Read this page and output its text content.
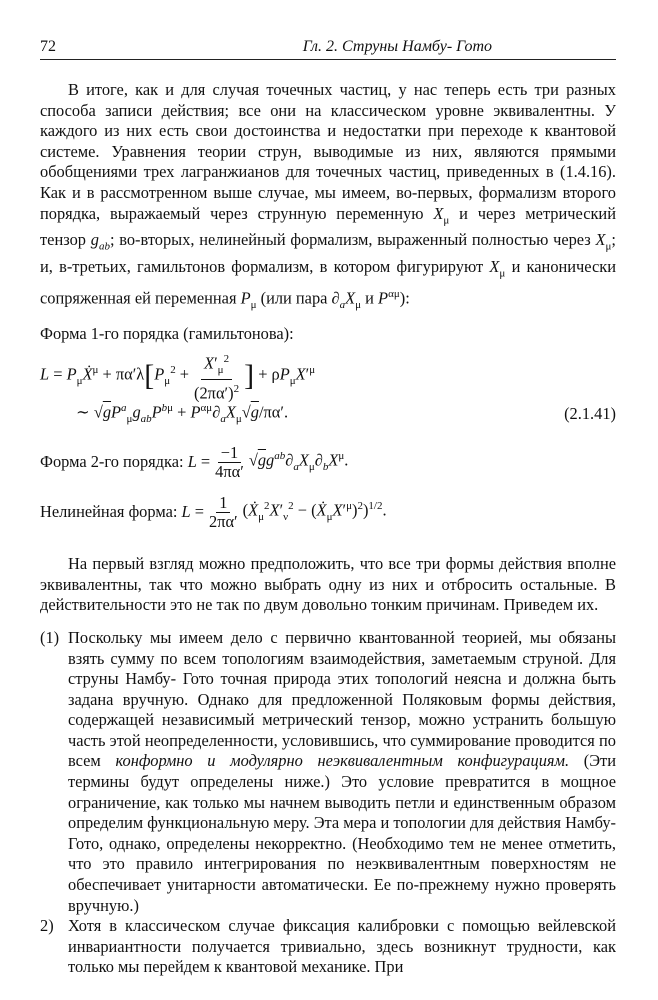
72	Гл. 2. Струны Намбу- Гото

В итоге, как и для случая точечных частиц, у нас теперь есть три разных способа записи действия; все они на классическом уровне эквивалентны. У каждого из них есть свои достоинства и недостатки при переходе к квантовой системе. Уравнения теории струн, выводимые из них, являются прямыми обобщениями трех лагранжианов для точечных частиц, приведенных в (1.4.16). Как и в рассмотренном выше случае, мы имеем, во-первых, формализм второго порядка, выражаемый через струнную переменную $X_\mu$ и через метрический тензор $g_{ab}$; во-вторых, нелинейный формализм, выраженный полностью через $X_\mu$; и, в-третьих, гамильтонов формализм, в котором фигурируют $X_\mu$ и канонически сопряженная ей переменная $P_\mu$ (или пара $\partial_aX_\mu$ и $P^{\alpha\mu}$):

Форма 1-го порядка (гамильтонова):

$L = P_\mu Ẋ^\mu + \pi\alpha'\lambda$ [ $P_\mu^2 + \frac{X'_\mu^2}{(2\pi\alpha')^2}$ ] + $\rho P_\mu X'^\mu$
∼ $√gP^a_\mu g_{ab}P^{b\mu} + P^{\alpha\mu}\partial_aX_\mu√g/\pi\alpha'$.	(2.1.41)
Форма 2-го порядка: $L = \frac{-1}{4\pi\alpha'} √gg^{ab}\partial_aX_\mu\partial_bX^\mu$.
Нелинейная форма: $L = \frac{1}{2\pi\alpha'}$ ($Ẋ_\mu^2X'_\nu^2$ − $(Ẋ_\mu X'^\mu)^2)^{1/2}$.

На первый взгляд можно предположить, что все три формы действия вполне эквивалентны, так что можно выбрать одну из них и отбросить остальные. В действительности это не так по двум довольно тонким причинам. Приведем их.

(1) Поскольку мы имеем дело с первично квантованной теорией, мы обязаны взять сумму по всем топологиям взаимодействия, заметаемым струной. Для струны Намбу- Гото точная природа этих топологий неясна и должна быть задана вручную. Однако для предложенной Поляковым формы действия, содержащей независимый метрический тензор, можно устранить большую часть этой неопределенности, условившись, что суммирование проводится по всем конформно и модулярно неэквивалентным конфигурациям. (Эти термины будут определены ниже.) Это условие превратится в мощное ограничение, как только мы начнем выводить петли и единственным образом определим функциональную меру. Эта мера и топологии для действия Намбу- Гото, однако, определены некорректно. (Необходимо тем не менее отметить, что это правило интегрирования по неэквивалентным поверхностям не обеспечивает унитарности автоматически. Ее по-прежнему нужно проверять вручную.)
2) Хотя в классическом случае фиксация калибровки с помощью вейлевской инвариантности получается тривиально, здесь возникнут трудности, как только мы перейдем к квантовой механике. При
